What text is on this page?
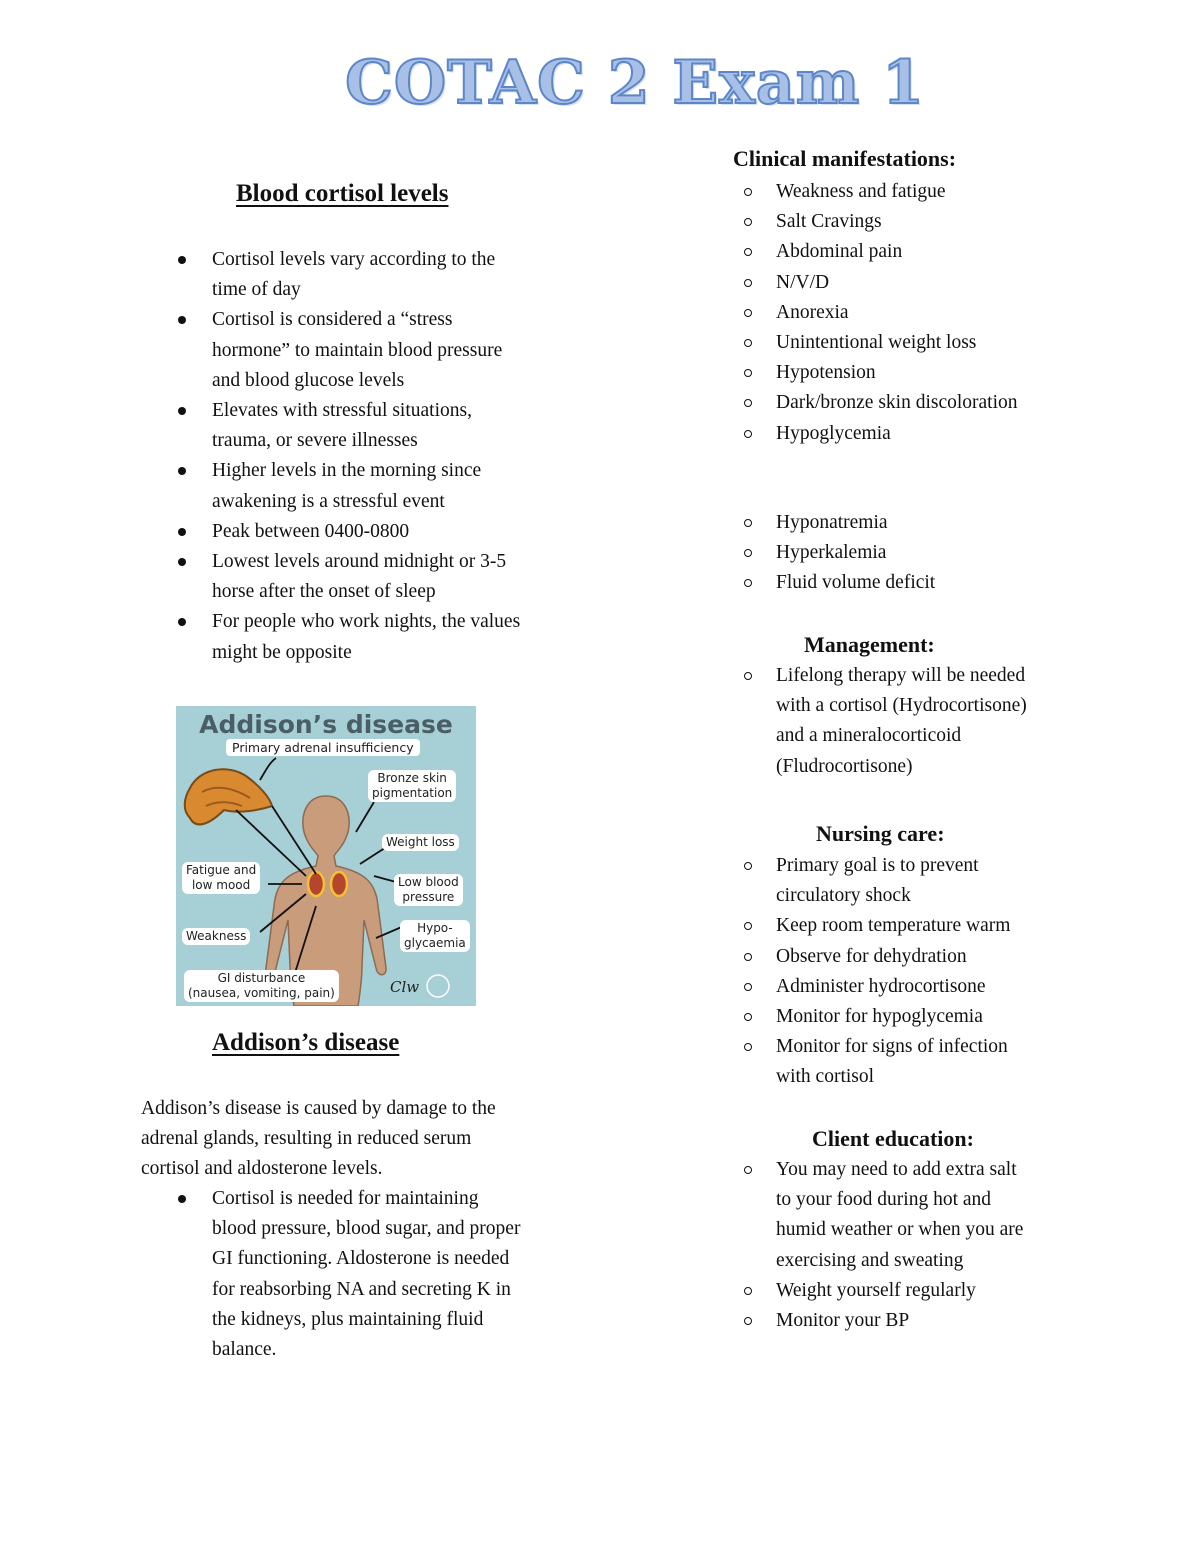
COTAC 2 Exam 1
Blood cortisol levels
Cortisol levels vary according to the
time of day
Cortisol is considered a “stress
hormone” to maintain blood pressure
and blood glucose levels
Elevates with stressful situations,
trauma, or severe illnesses
Higher levels in the morning since
awakening is a stressful event
Peak between 0400-0800
Lowest levels around midnight or 3-5
horse after the onset of sleep
For people who work nights, the values
might be opposite
Addison’s disease
Primary adrenal insufficiency
Bronze skin
pigmentation
Weight loss
Fatigue and
low mood	Low blood
pressure
Weakness
Hypo-
glycaemia
GI disturbance
(nausea, vomiting, pain)	Clw
Addison’s disease
Addison’s disease is caused by damage to the
adrenal glands, resulting in reduced serum
cortisol and aldosterone levels.
Cortisol is needed for maintaining
blood pressure, blood sugar, and proper
GI functioning. Aldosterone is needed
for reabsorbing NA and secreting K in
the kidneys, plus maintaining fluid
balance.
Clinical manifestations:
Weakness and fatigue
Salt Cravings
Abdominal pain
N/V/D
Anorexia
Unintentional weight loss
Hypotension
Dark/bronze skin discoloration
Hypoglycemia
Hyponatremia
Hyperkalemia
Fluid volume deficit
Management:
Lifelong therapy will be needed
with a cortisol (Hydrocortisone)
and a mineralocorticoid
(Fludrocortisone)
Nursing care:
Primary goal is to prevent
circulatory shock
Keep room temperature warm
Observe for dehydration
Administer hydrocortisone
Monitor for hypoglycemia
Monitor for signs of infection
with cortisol
Client education:
You may need to add extra salt
to your food during hot and
humid weather or when you are
exercising and sweating
Weight yourself regularly
Monitor your BP
